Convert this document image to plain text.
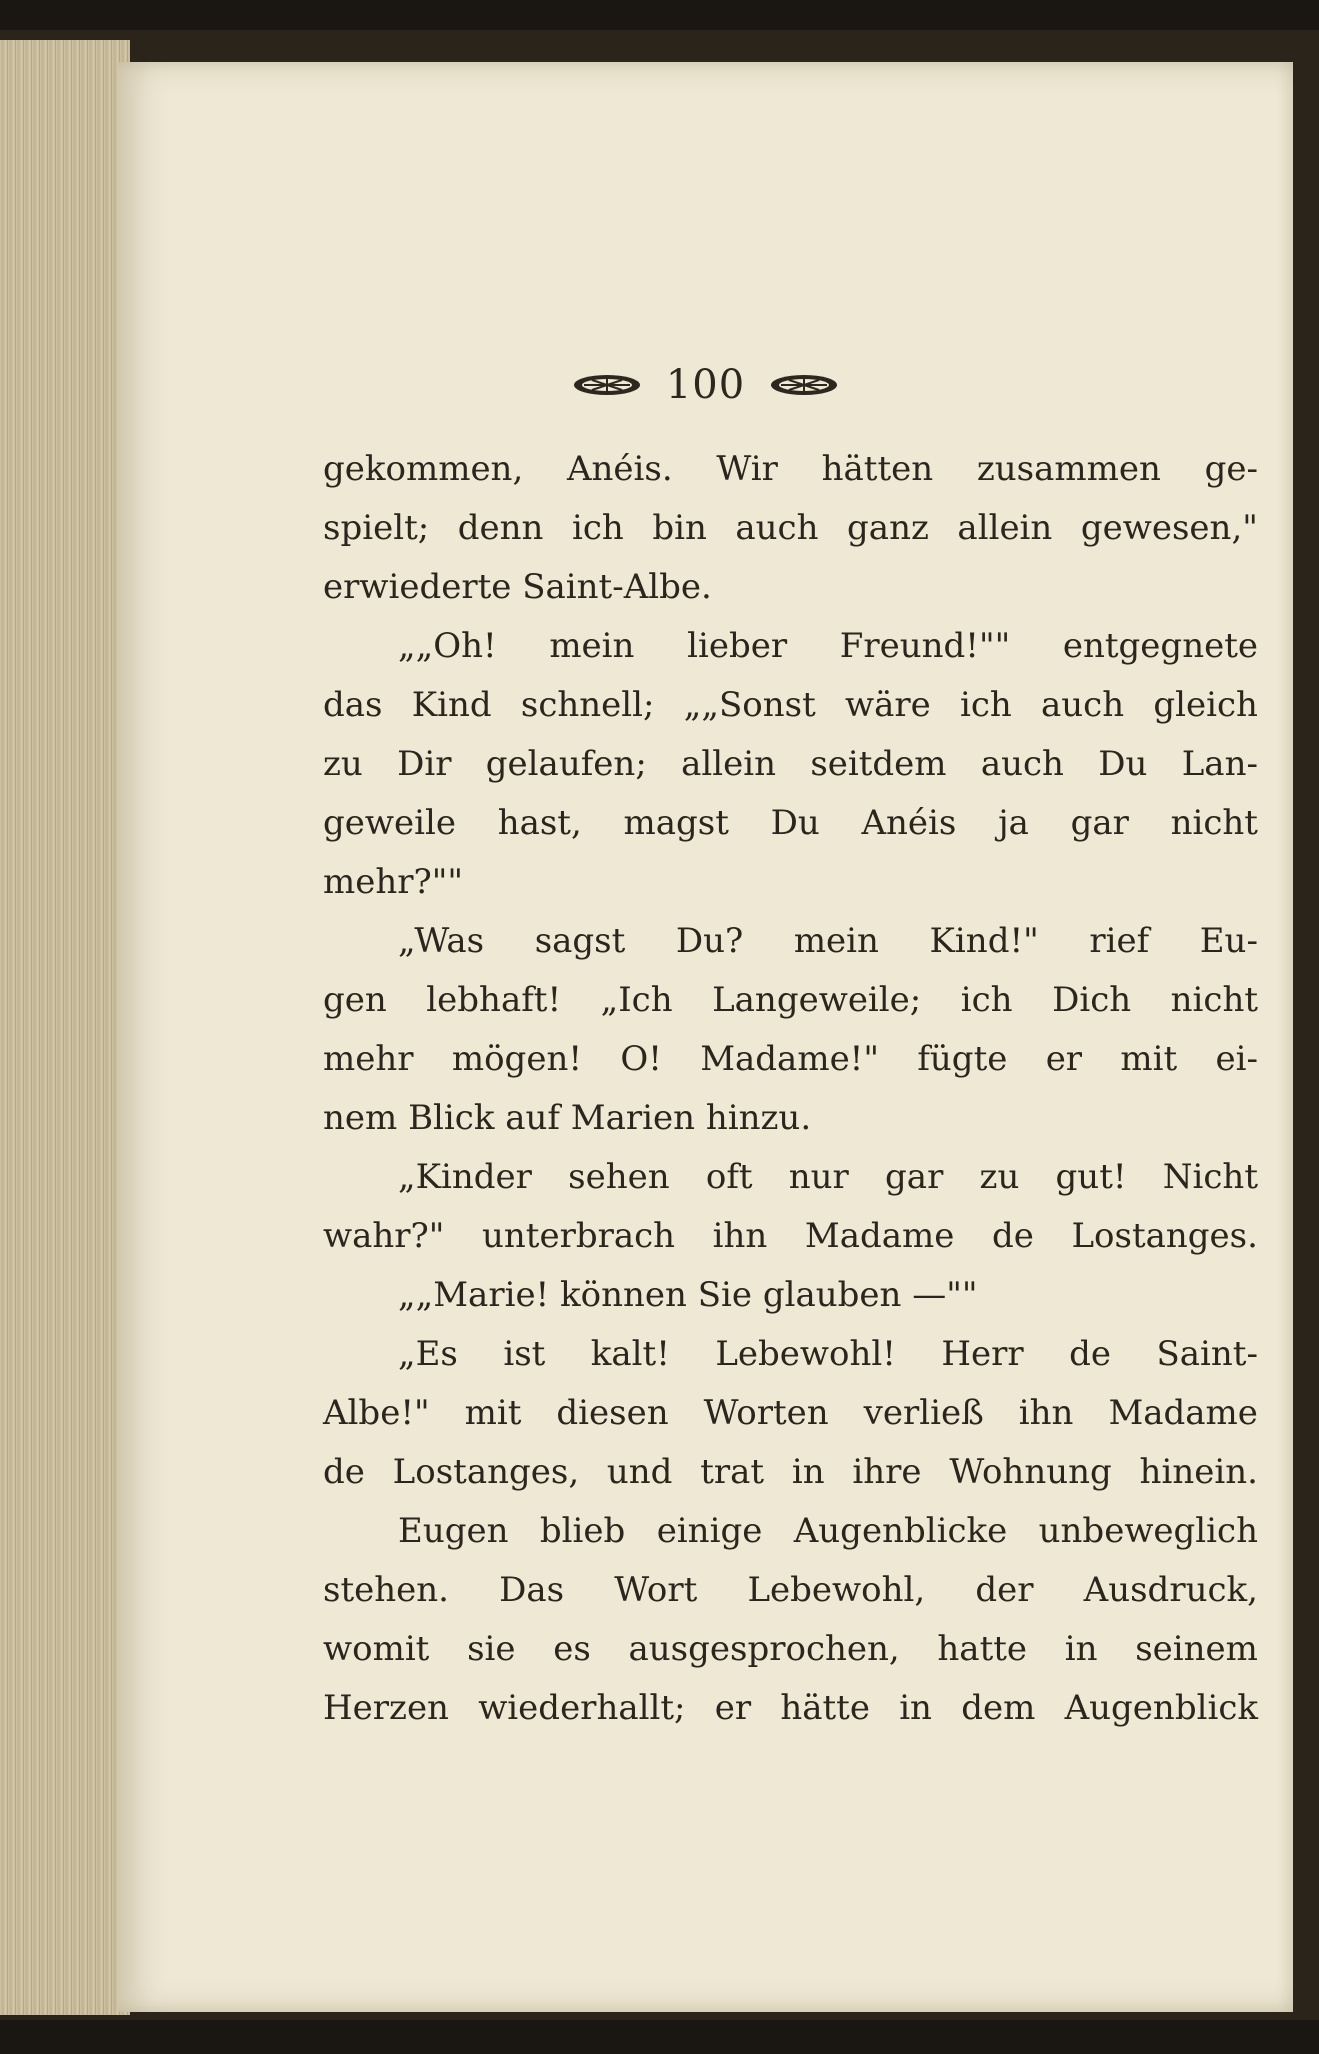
100
gekommen, Anéis. Wir hätten zusammen ge-
spielt; denn ich bin auch ganz allein gewesen,"
erwiederte Saint-Albe.
„„Oh! mein lieber Freund!"" entgegnete
das Kind schnell; „„Sonst wäre ich auch gleich
zu Dir gelaufen; allein seitdem auch Du Lan-
geweile hast, magst Du Anéis ja gar nicht
mehr?""
„Was sagst Du? mein Kind!" rief Eu-
gen lebhaft! „Ich Langeweile; ich Dich nicht
mehr mögen! O! Madame!" fügte er mit ei-
nem Blick auf Marien hinzu.
„Kinder sehen oft nur gar zu gut! Nicht
wahr?" unterbrach ihn Madame de Lostanges.
„„Marie! können Sie glauben —""
„Es ist kalt! Lebewohl! Herr de Saint-
Albe!" mit diesen Worten verließ ihn Madame
de Lostanges, und trat in ihre Wohnung hinein.
Eugen blieb einige Augenblicke unbeweglich
stehen. Das Wort Lebewohl, der Ausdruck,
womit sie es ausgesprochen, hatte in seinem
Herzen wiederhallt; er hätte in dem Augenblick
